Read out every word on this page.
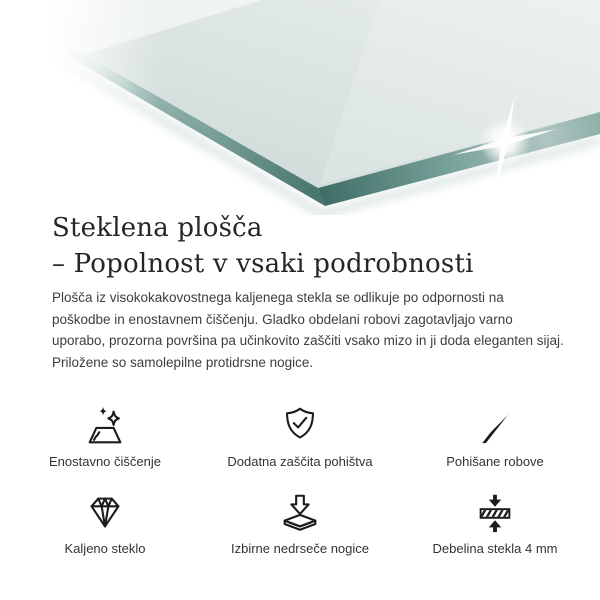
Steklena plošča
– Popolnost v vsaki podrobnosti

Plošča iz visokokakovostnega kaljenega stekla se odlikuje po odpornosti na poškodbe in enostavnem čiščenju. Gladko obdelani robovi zagotavljajo varno uporabo, prozorna površina pa učinkovito zaščiti vsako mizo in ji doda eleganten sijaj. Priložene so samolepilne protidrsne nogice.

Enostavno čiščenje	Dodatna zaščita pohištva	Pohišane robove
Kaljeno steklo	Izbirne nedrseče nogice	Debelina stekla 4 mm
